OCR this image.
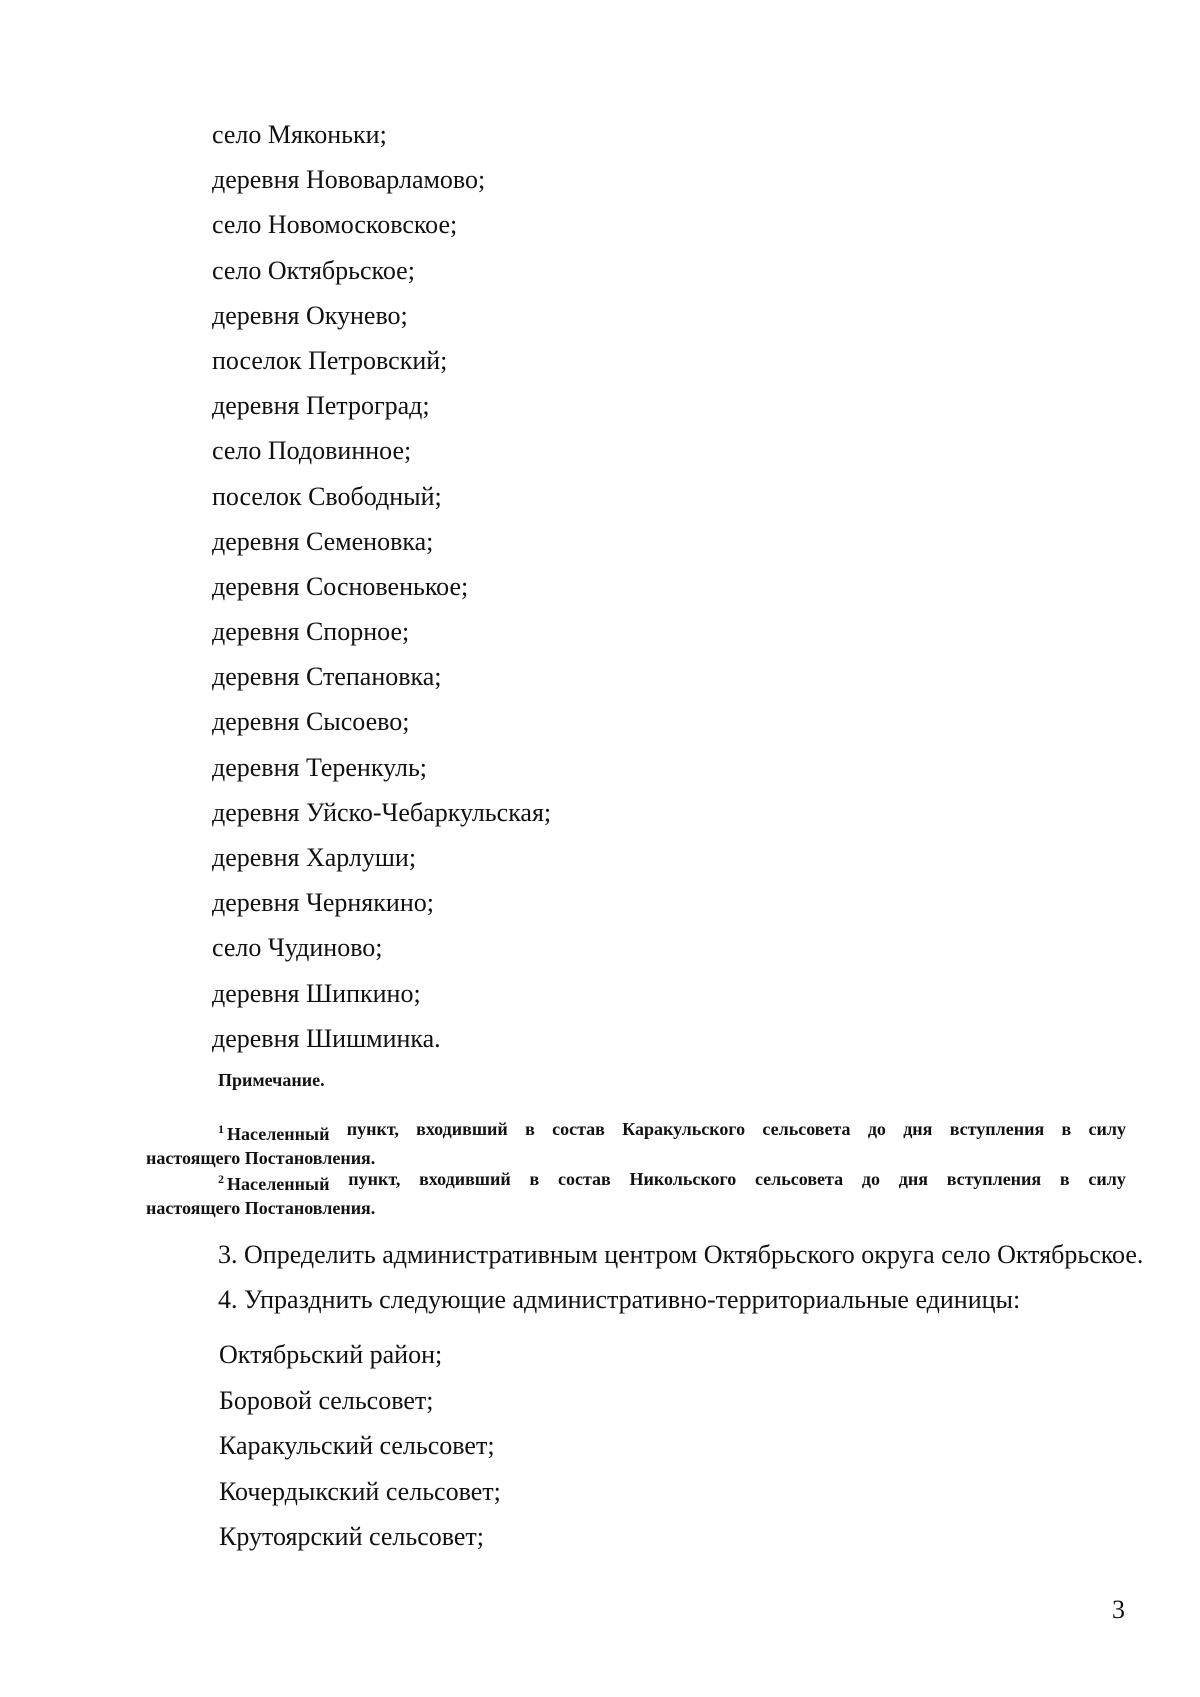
село Мяконьки;
деревня Нововарламово;
село Новомосковское;
село Октябрьское;
деревня Окунево;
поселок Петровский;
деревня Петроград;
село Подовинное;
поселок Свободный;
деревня Семеновка;
деревня Сосновенькое;
деревня Спорное;
деревня Степановка;
деревня Сысоево;
деревня Теренкуль;
деревня Уйско-Чебаркульская;
деревня Харлуши;
деревня Чернякино;
село Чудиново;
деревня Шипкино;
деревня Шишминка.
Примечание.
$^1$ Населенный пункт, входивший в состав Каракульского сельсовета до дня вступления в силу
настоящего Постановления.
$^2$ Населенный пункт, входивший в состав Никольского сельсовета до дня вступления в силу
настоящего Постановления.
3. Определить административным центром Октябрьского округа село Октябрьское.
4. Упразднить следующие административно-территориальные единицы:
Октябрьский район;
Боровой сельсовет;
Каракульский сельсовет;
Кочердыкский сельсовет;
Крутоярский сельсовет;
3
